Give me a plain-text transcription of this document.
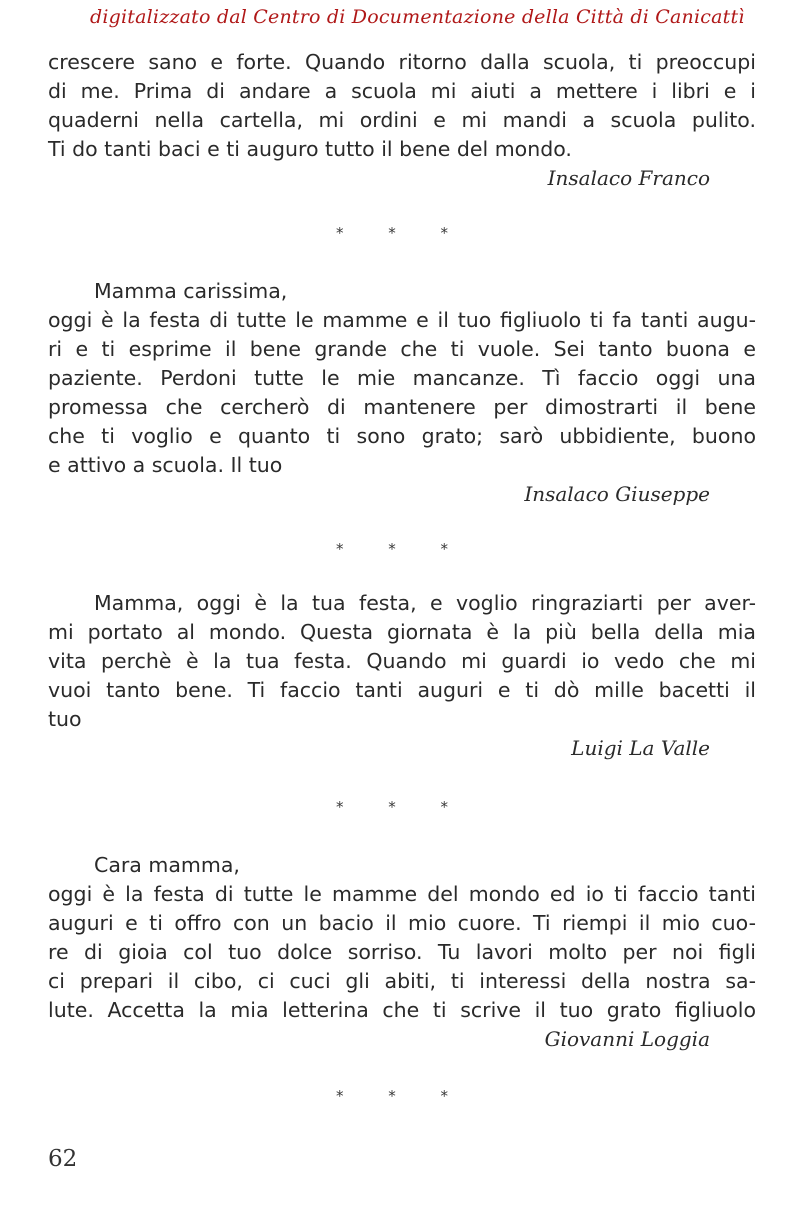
digitalizzato dal Centro di Documentazione della Città di Canicattì
crescere sano e forte. Quando ritorno dalla scuola, ti preoccupi
di me. Prima di andare a scuola mi aiuti a mettere i libri e i
quaderni nella cartella, mi ordini e mi mandi a scuola pulito.
Ti do tanti baci e ti auguro tutto il bene del mondo.
Insalaco Franco
* * *
Mamma carissima,
oggi è la festa di tutte le mamme e il tuo figliuolo ti fa tanti augu-
ri e ti esprime il bene grande che ti vuole. Sei tanto buona e
paziente. Perdoni tutte le mie mancanze. Tì faccio oggi una
promessa che cercherò di mantenere per dimostrarti il bene
che ti voglio e quanto ti sono grato; sarò ubbidiente, buono
e attivo a scuola. Il tuo
Insalaco Giuseppe
* * *
Mamma, oggi è la tua festa, e voglio ringraziarti per aver-
mi portato al mondo. Questa giornata è la più bella della mia
vita perchè è la tua festa. Quando mi guardi io vedo che mi
vuoi tanto bene. Ti faccio tanti auguri e ti dò mille bacetti il
tuo
Luigi La Valle
* * *
Cara mamma,
oggi è la festa di tutte le mamme del mondo ed io ti faccio tanti
auguri e ti offro con un bacio il mio cuore. Ti riempi il mio cuo-
re di gioia col tuo dolce sorriso. Tu lavori molto per noi figli
ci prepari il cibo, ci cuci gli abiti, ti interessi della nostra sa-
lute. Accetta la mia letterina che ti scrive il tuo grato figliuolo
Giovanni Loggia
* * *
62
